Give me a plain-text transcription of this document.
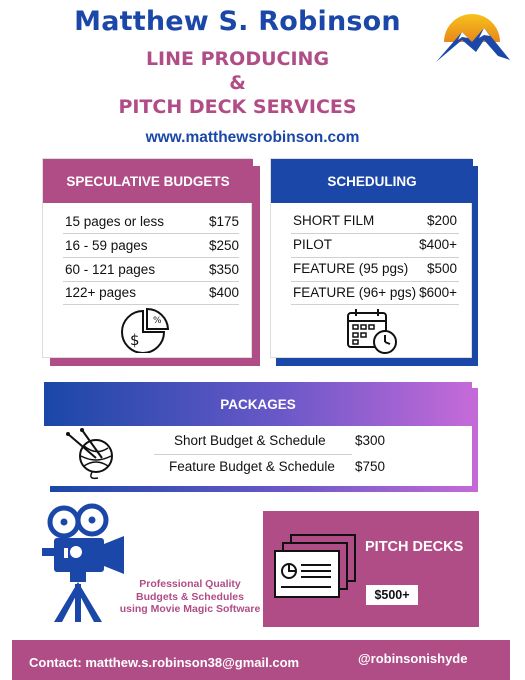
Matthew S. Robinson
LINE PRODUCING
&
PITCH DECK SERVICES
www.matthewsrobinson.com
SPECULATIVE BUDGETS
15 pages or less	$175
16 - 59 pages	$250
60 - 121 pages	$350
122+ pages	$400
$
%
SCHEDULING
SHORT FILM	$200
PILOT	$400+
FEATURE (95 pgs) $500
FEATURE (96+ pgs) $600+
PACKAGES
Short Budget & Schedule $300
Feature Budget & Schedule $750
Professional Quality
Budgets & Schedules
using Movie Magic Software
PITCH DECKS
$500+
Contact: matthew.s.robinson38@gmail.com	@robinsonishyde
